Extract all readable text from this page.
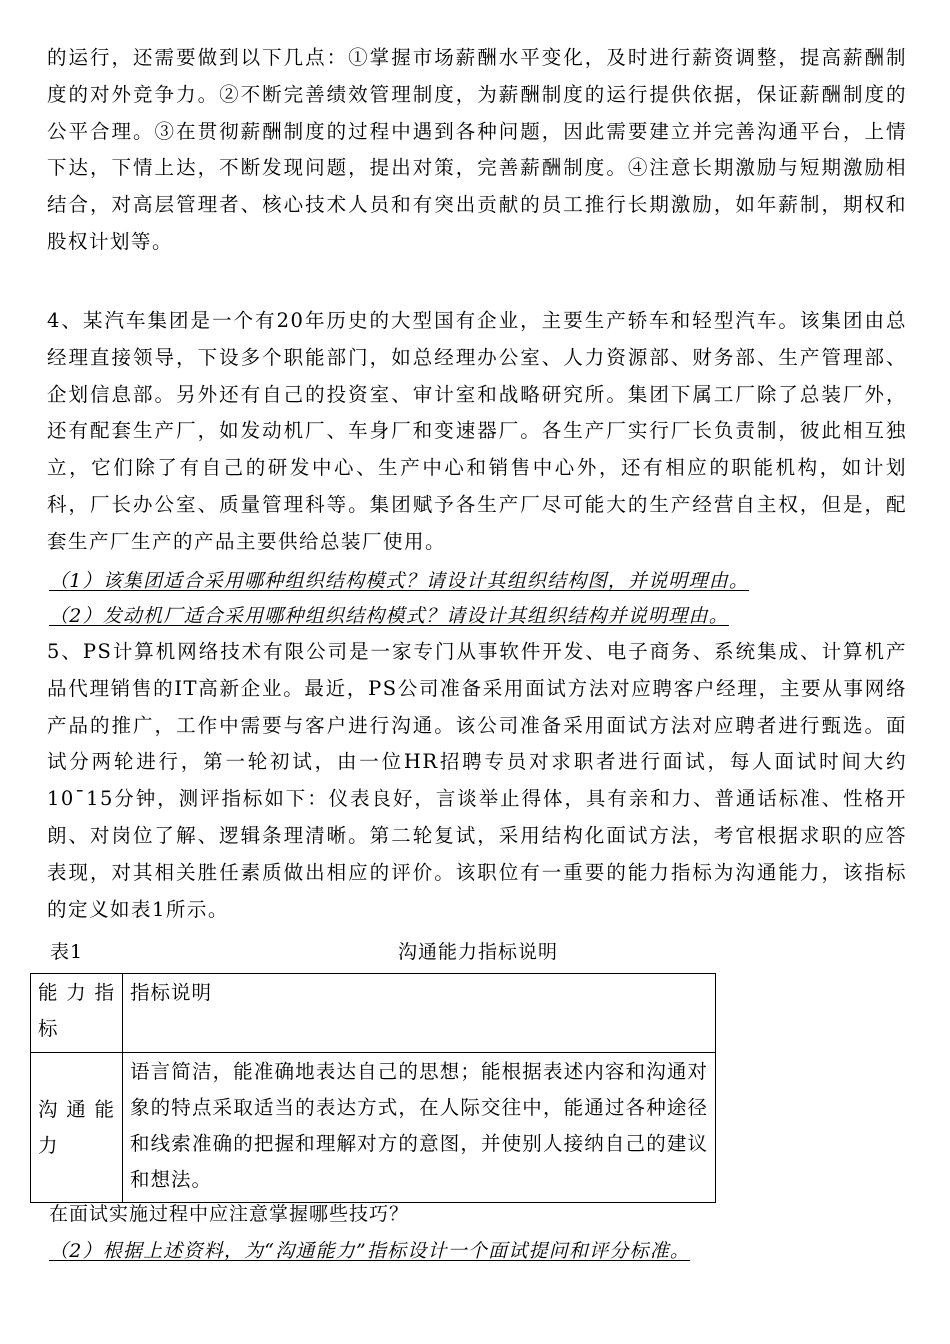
的运行，还需要做到以下几点：①掌握市场薪酬水平变化，及时进行薪资调整，提高薪酬制度的对外竞争力。②不断完善绩效管理制度，为薪酬制度的运行提供依据，保证薪酬制度的公平合理。③在贯彻薪酬制度的过程中遇到各种问题，因此需要建立并完善沟通平台，上情下达，下情上达，不断发现问题，提出对策，完善薪酬制度。④注意长期激励与短期激励相结合，对高层管理者、核心技术人员和有突出贡献的员工推行长期激励，如年薪制，期权和股权计划等。
4、某汽车集团是一个有20年历史的大型国有企业，主要生产轿车和轻型汽车。该集团由总经理直接领导，下设多个职能部门，如总经理办公室、人力资源部、财务部、生产管理部、企划信息部。另外还有自己的投资室、审计室和战略研究所。集团下属工厂除了总装厂外，还有配套生产厂，如发动机厂、车身厂和变速器厂。各生产厂实行厂长负责制，彼此相互独立，它们除了有自己的研发中心、生产中心和销售中心外，还有相应的职能机构，如计划科，厂长办公室、质量管理科等。集团赋予各生产厂尽可能大的生产经营自主权，但是，配套生产厂生产的产品主要供给总装厂使用。
（1）该集团适合采用哪种组织结构模式？请设计其组织结构图，并说明理由。
（2）发动机厂适合采用哪种组织结构模式？请设计其组织结构并说明理由。
5、PS计算机网络技术有限公司是一家专门从事软件开发、电子商务、系统集成、计算机产品代理销售的IT高新企业。最近，PS公司准备采用面试方法对应聘客户经理，主要从事网络产品的推广，工作中需要与客户进行沟通。该公司准备采用面试方法对应聘者进行甄选。面试分两轮进行，第一轮初试，由一位HR招聘专员对求职者进行面试，每人面试时间大约10¯15分钟，测评指标如下：仪表良好，言谈举止得体，具有亲和力、普通话标准、性格开朗、对岗位了解、逻辑条理清晰。第二轮复试，采用结构化面试方法，考官根据求职的应答表现，对其相关胜任素质做出相应的评价。该职位有一重要的能力指标为沟通能力，该指标的定义如表1所示。
表1	沟通能力指标说明
能力指标	指标说明
沟通能力	语言简洁，能准确地表达自己的思想；能根据表述内容和沟通对象的特点采取适当的表达方式，在人际交往中，能通过各种途径和线索准确的把握和理解对方的意图，并使别人接纳自己的建议和想法。
在面试实施过程中应注意掌握哪些技巧？
（2）根据上述资料，为“沟通能力”指标设计一个面试提问和评分标准。
